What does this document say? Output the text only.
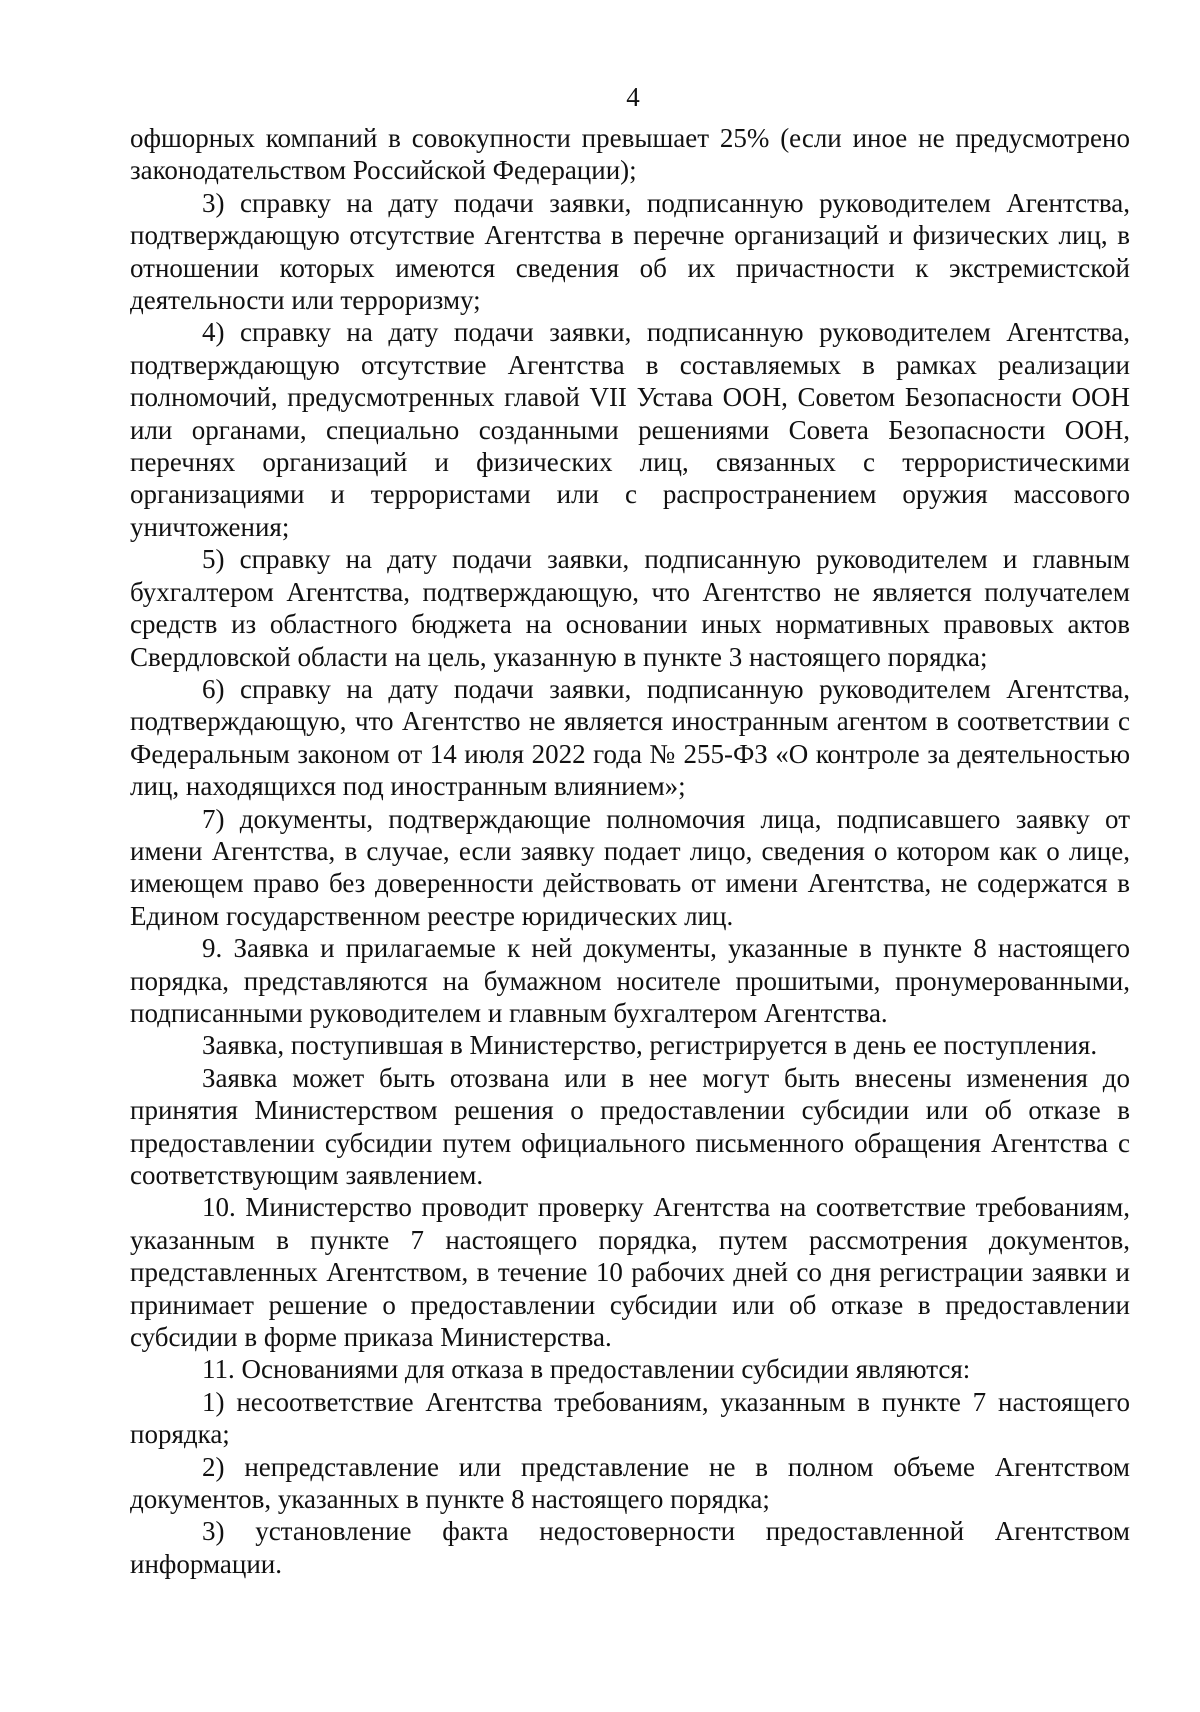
4

офшорных компаний в совокупности превышает 25% (если иное не предусмотрено законодательством Российской Федерации);

3) справку на дату подачи заявки, подписанную руководителем Агентства, подтверждающую отсутствие Агентства в перечне организаций и физических лиц, в отношении которых имеются сведения об их причастности к экстремистской деятельности или терроризму;

4) справку на дату подачи заявки, подписанную руководителем Агентства, подтверждающую отсутствие Агентства в составляемых в рамках реализации полномочий, предусмотренных главой VII Устава ООН, Советом Безопасности ООН или органами, специально созданными решениями Совета Безопасности ООН, перечнях организаций и физических лиц, связанных с террористическими организациями и террористами или с распространением оружия массового уничтожения;

5) справку на дату подачи заявки, подписанную руководителем и главным бухгалтером Агентства, подтверждающую, что Агентство не является получателем средств из областного бюджета на основании иных нормативных правовых актов Свердловской области на цель, указанную в пункте 3 настоящего порядка;

6) справку на дату подачи заявки, подписанную руководителем Агентства, подтверждающую, что Агентство не является иностранным агентом в соответствии с Федеральным законом от 14 июля 2022 года № 255-ФЗ «О контроле за деятельностью лиц, находящихся под иностранным влиянием»;

7) документы, подтверждающие полномочия лица, подписавшего заявку от имени Агентства, в случае, если заявку подает лицо, сведения о котором как о лице, имеющем право без доверенности действовать от имени Агентства, не содержатся в Едином государственном реестре юридических лиц.

9. Заявка и прилагаемые к ней документы, указанные в пункте 8 настоящего порядка, представляются на бумажном носителе прошитыми, пронумерованными, подписанными руководителем и главным бухгалтером Агентства.

Заявка, поступившая в Министерство, регистрируется в день ее поступления.

Заявка может быть отозвана или в нее могут быть внесены изменения до принятия Министерством решения о предоставлении субсидии или об отказе в предоставлении субсидии путем официального письменного обращения Агентства с соответствующим заявлением.

10. Министерство проводит проверку Агентства на соответствие требованиям, указанным в пункте 7 настоящего порядка, путем рассмотрения документов, представленных Агентством, в течение 10 рабочих дней со дня регистрации заявки и принимает решение о предоставлении субсидии или об отказе в предоставлении субсидии в форме приказа Министерства.

11. Основаниями для отказа в предоставлении субсидии являются:

1) несоответствие Агентства требованиям, указанным в пункте 7 настоящего порядка;

2) непредставление или представление не в полном объеме Агентством документов, указанных в пункте 8 настоящего порядка;

3) установление факта недостоверности предоставленной Агентством информации.
